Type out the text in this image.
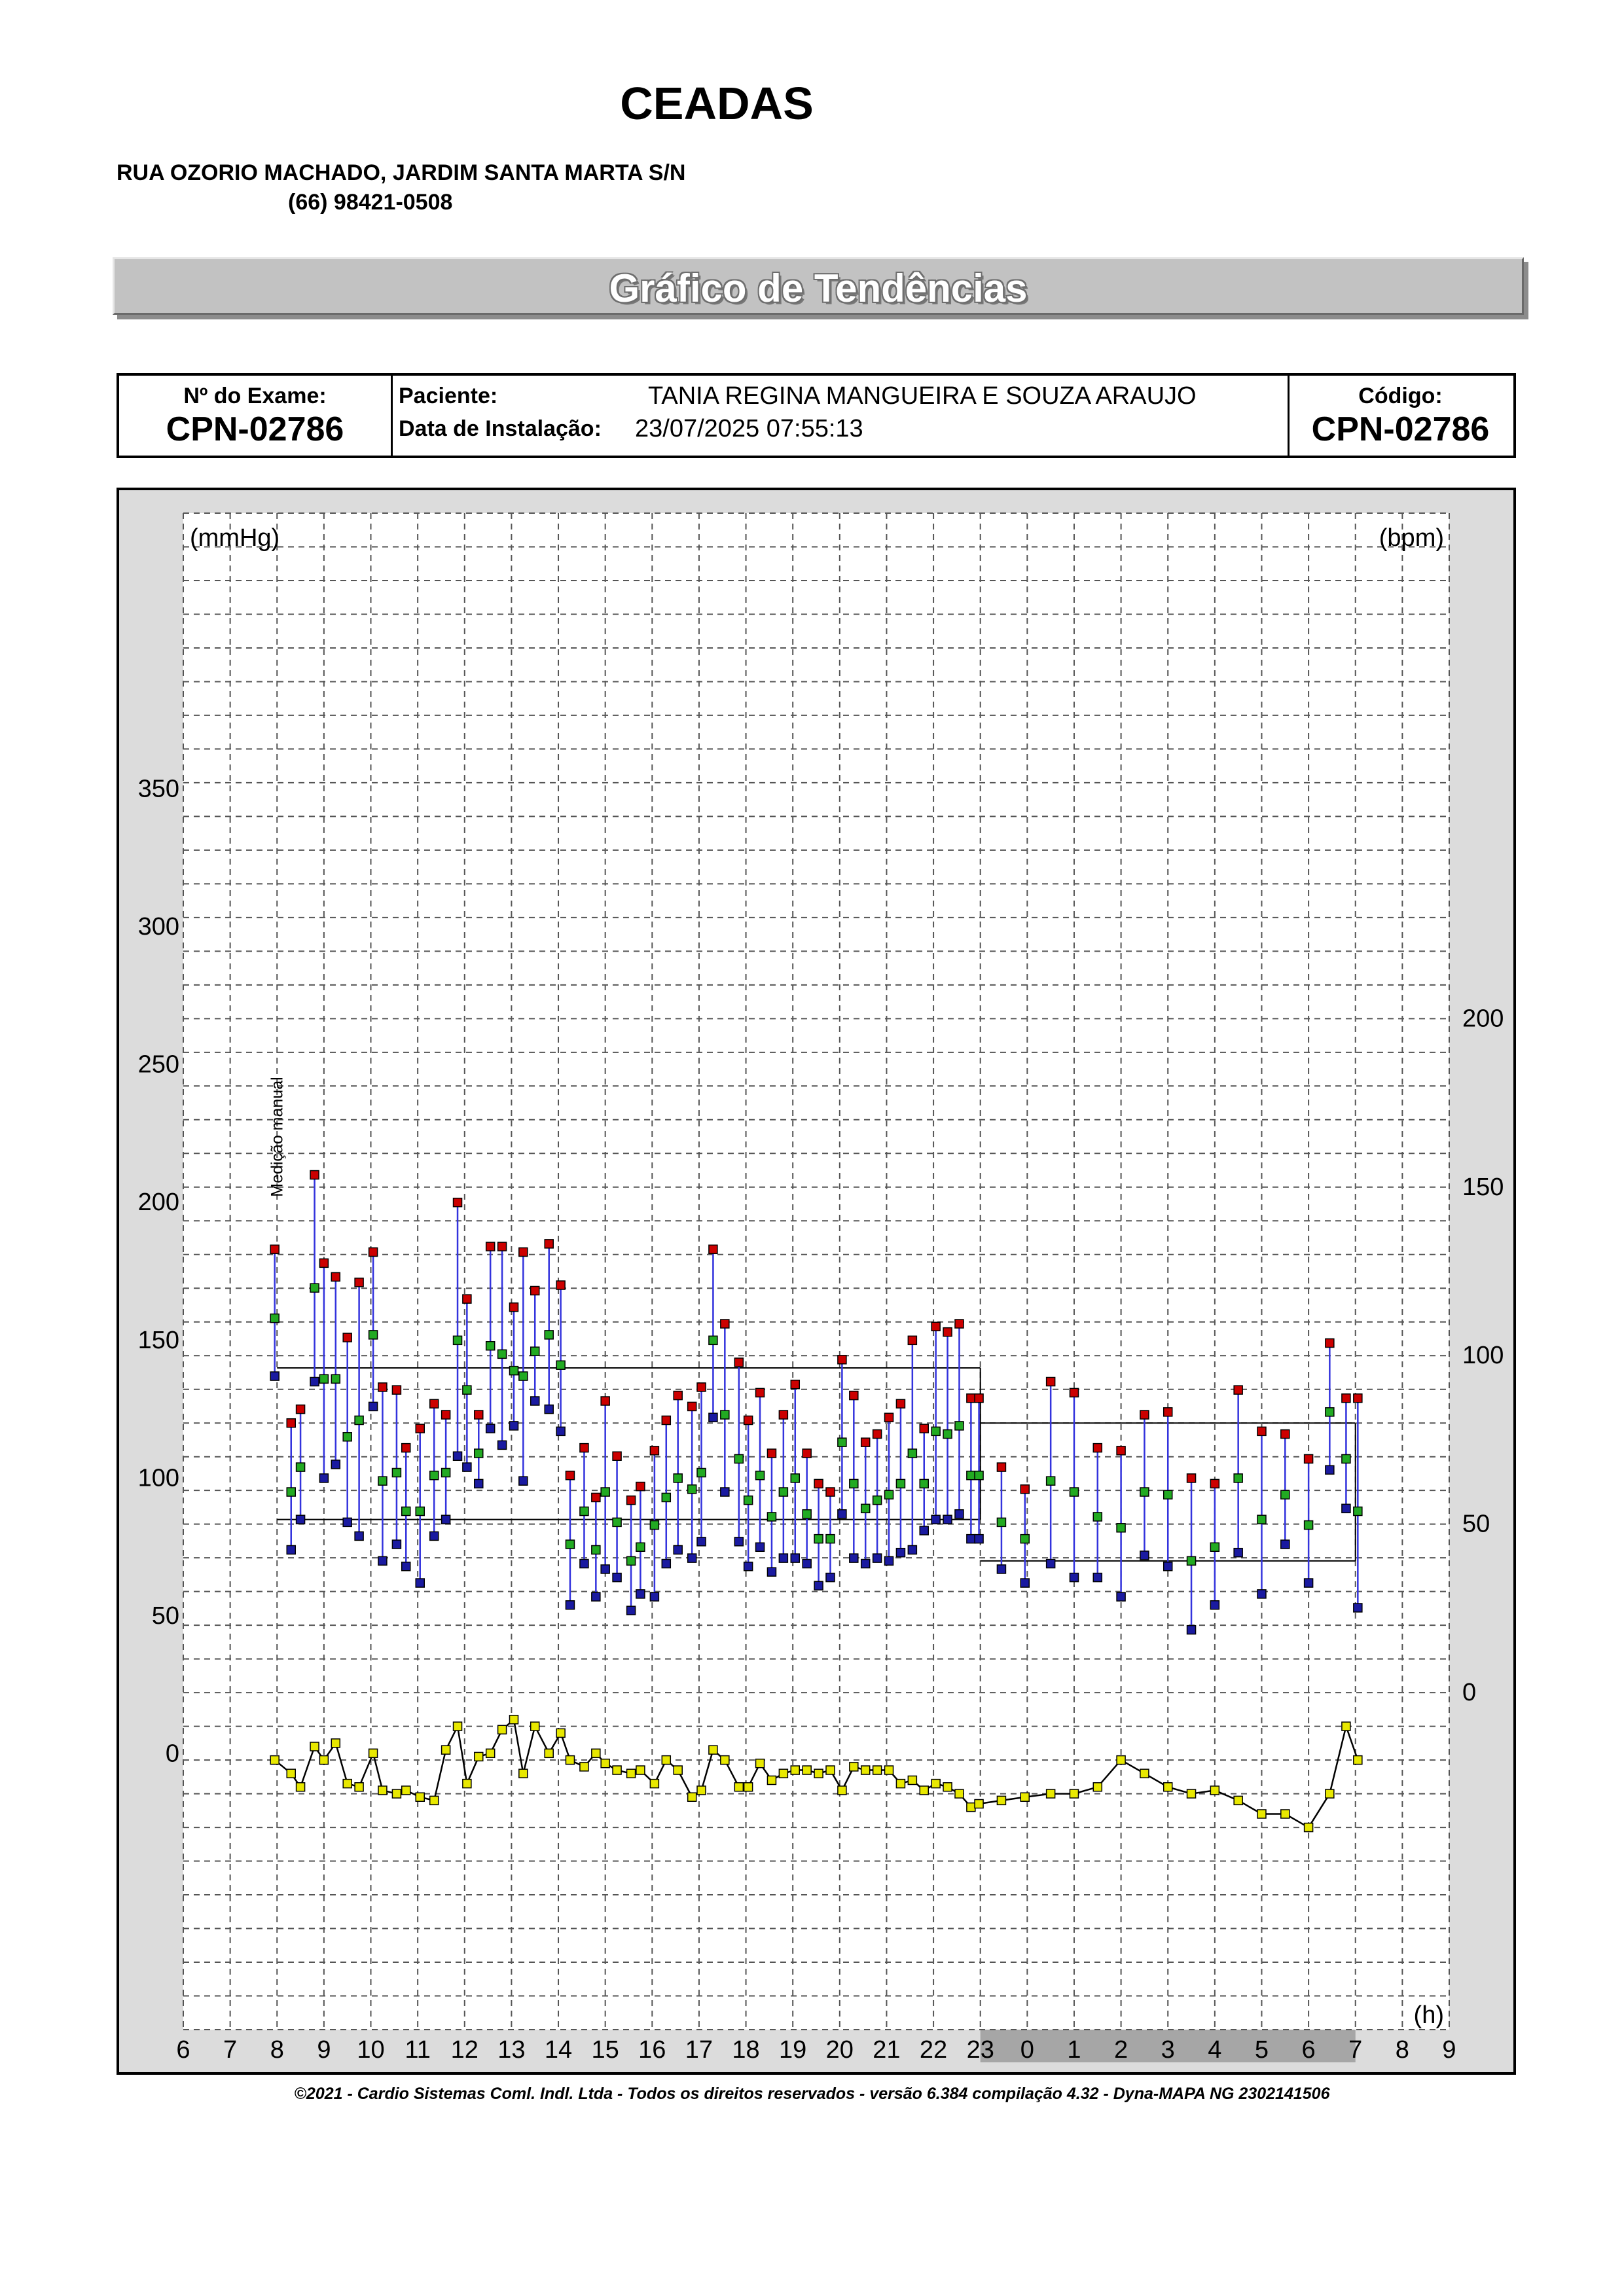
CEADAS
RUA OZORIO MACHADO, JARDIM SANTA MARTA S/N
(66) 98421-0508
Gráfico de Tendências
Nº do Exame:
CPN-02786
Paciente:	TANIA REGINA MANGUEIRA E SOUZA ARAUJO
Data de Instalação: 23/07/2025 07:55:13
Código:
CPN-02786
350
300
250
200
150
100
50
0
200
150
100
50
0
6 7 8 9 10 11 12 13 14 15 16 17 18 19 20 21 22 23 0 1 2 3 4 5 6 7 8 9
(mmHg)	(bpm)
(h)
Medição manual
©2021 - Cardio Sistemas Coml. Indl. Ltda - Todos os direitos reservados - versão 6.384 compilação 4.32 - Dyna-MAPA NG 2302141506
